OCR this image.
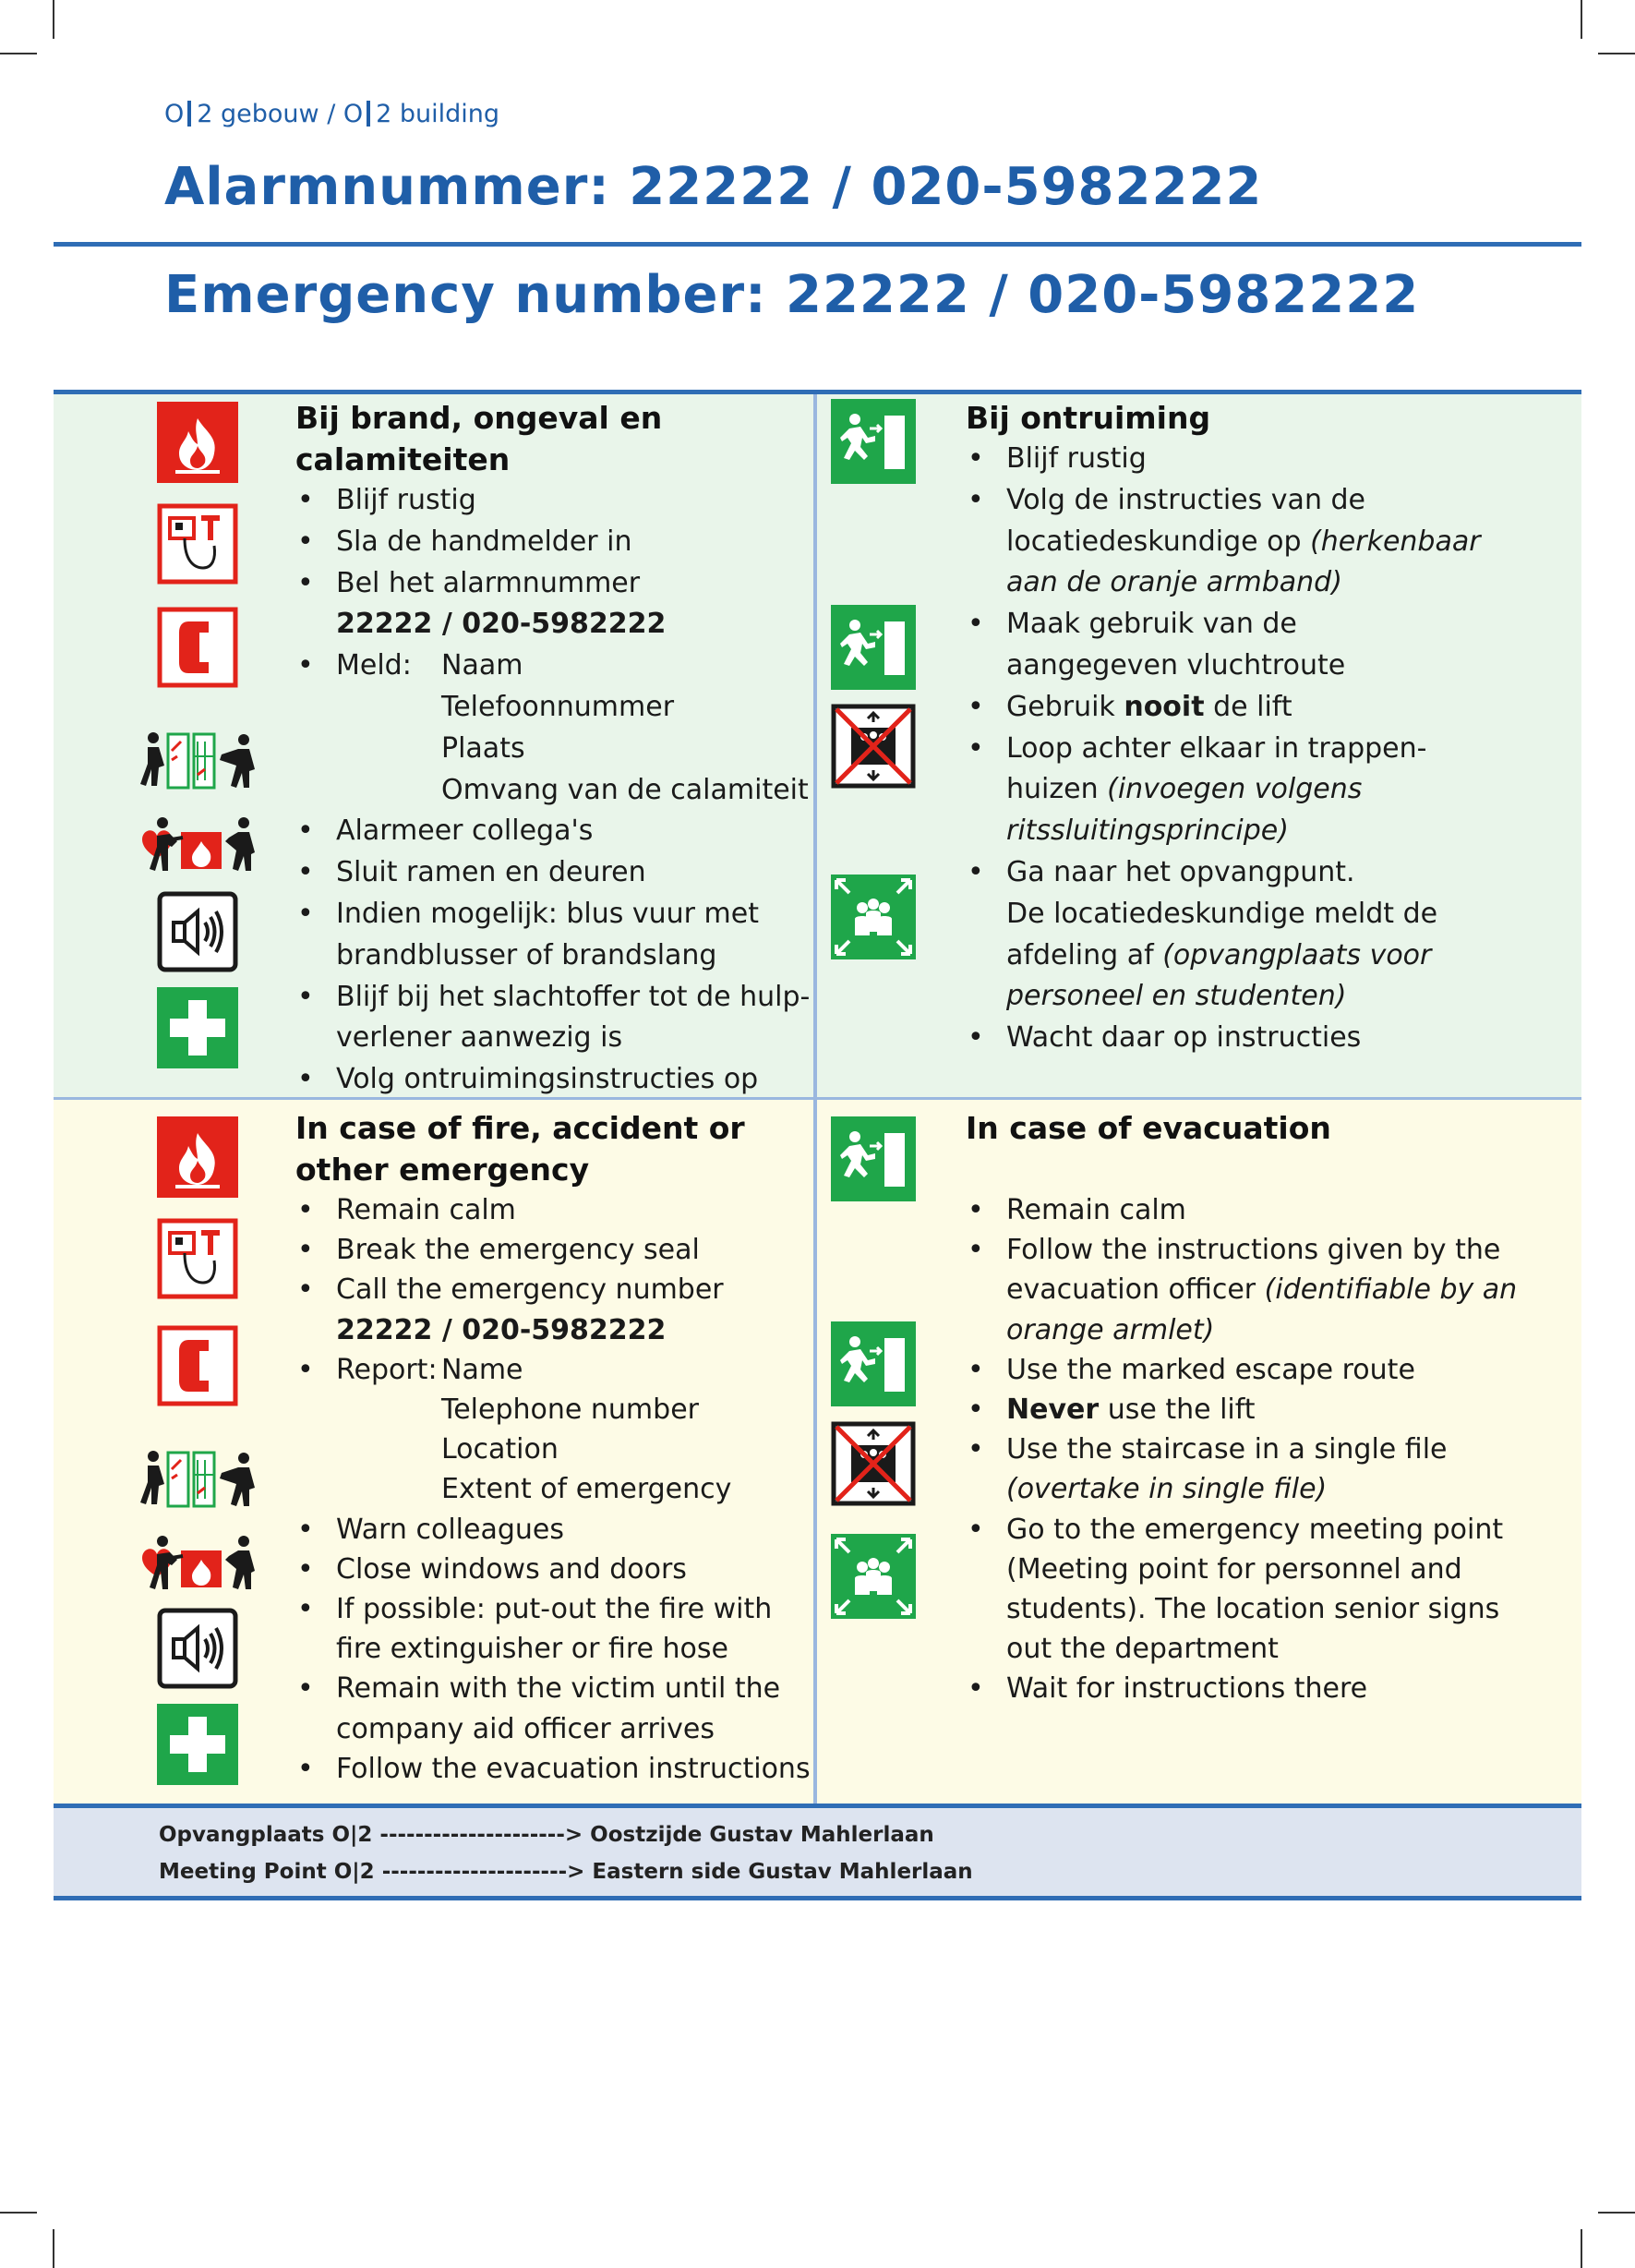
O 2 gebouw / O 2 building
Alarmnummer: 22222 / 020-5982222
Emergency number: 22222 / 020-5982222
Bij brand, ongeval en calamiteiten
• Blijf rustig
• Sla de handmelder in
• Bel het alarmnummer
22222 / 020-5982222
• Meld: Naam
Telefoonnummer
Plaats
Omvang van de calamiteit
• Alarmeer collega's
• Sluit ramen en deuren
• Indien mogelijk: blus vuur met
brandblusser of brandslang
• Blijf bij het slachtoffer tot de hulp-
verlener aanwezig is
• Volg ontruimingsinstructies op
Bij ontruiming
• Blijf rustig
• Volg de instructies van de
locatiedeskundige op (herkenbaar
aan de oranje armband)
• Maak gebruik van de
aangegeven vluchtroute
• Gebruik nooit de lift
• Loop achter elkaar in trappen-
huizen (invoegen volgens
ritssluitingsprincipe)
• Ga naar het opvangpunt.
De locatiedeskundige meldt de
afdeling af (opvangplaats voor
personeel en studenten)
• Wacht daar op instructies
In case of fire, accident or
other emergency
• Remain calm
• Break the emergency seal
• Call the emergency number
22222 / 020-5982222
• Report: Name
Telephone number
Location
Extent of emergency
• Warn colleagues
• Close windows and doors
• If possible: put-out the fire with
fire extinguisher or fire hose
• Remain with the victim until the
company aid officer arrives
• Follow the evacuation instructions
In case of evacuation
• Remain calm
• Follow the instructions given by the
evacuation officer (identifiable by an
orange armlet)
• Use the marked escape route
• Never use the lift
• Use the staircase in a single file
(overtake in single file)
• Go to the emergency meeting point
(Meeting point for personnel and
students). The location senior signs
out the department
• Wait for instructions there
Opvangplaats O|2 ---------------------> Oostzijde Gustav Mahlerlaan
Meeting Point O|2 ---------------------> Eastern side Gustav Mahlerlaan
